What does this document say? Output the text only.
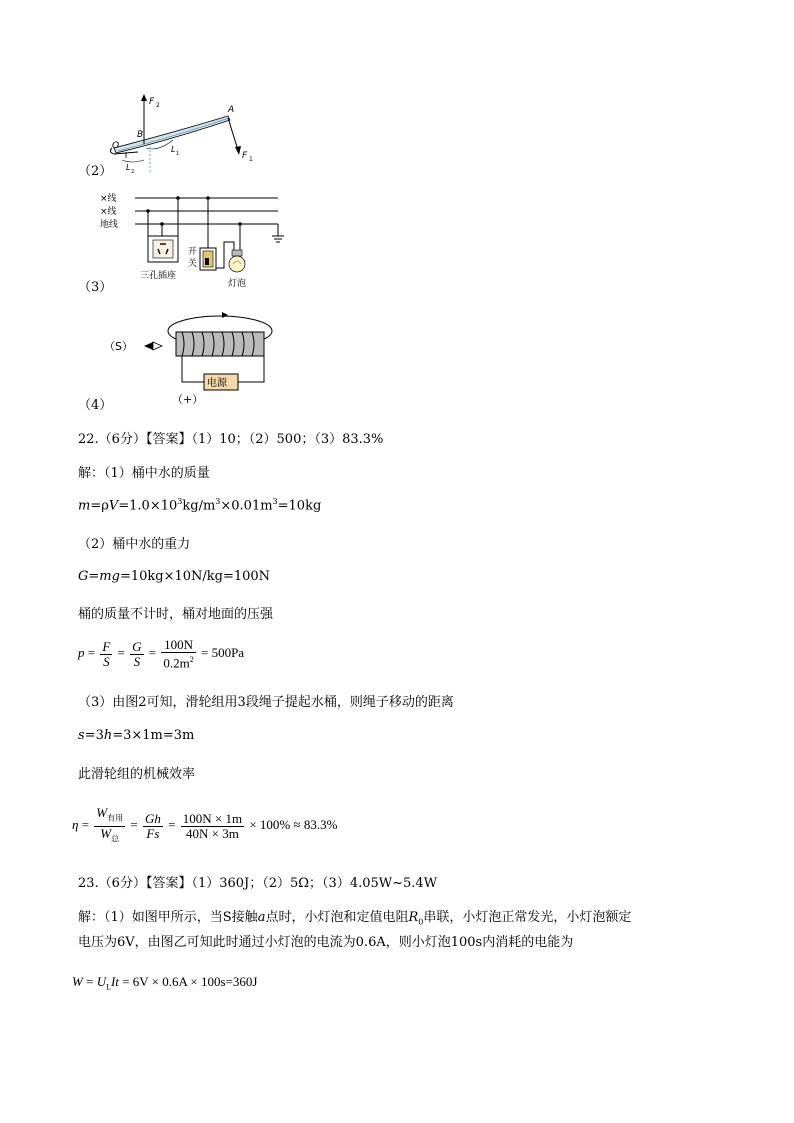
F 2	A
B
O	L 1
L 2
F 1
（2）
×线
×线
地线
三孔插座
开
关
灯泡
（3）
电源
（S）
（+）
（4）
22.（6分）【答案】（1）10；（2）500；（3）83.3%
解：（1）桶中水的质量
$m=\rho V=1.0\times 10^3kg/m^3\times 0.01m^3=10kg$
（2）桶中水的重力
G=mg=10kg×10N/kg=100N
桶的质量不计时，桶对地面的压强
$p = \frac{F}{S} = \frac{G}{S} = \frac{100N}{0.2m^2} = 500Pa$
（3）由图2可知，滑轮组用3段绳子提起水桶，则绳子移动的距离
s=3h=3×1m=3m
此滑轮组的机械效率
$\eta = \frac{W_{有用}}{W_总} = \frac{Gh}{Fs} = \frac{100N \times 1m}{40N \times 3m} \times 100\% \approx 83.3\%$
23.（6分）【答案】（1）360J；（2）5Ω；（3）4.05W~5.4W
解：（1）如图甲所示，当S接触a点时，小灯泡和定值电阻$R_0$串联，小灯泡正常发光，小灯泡额定
电压为6V，由图乙可知此时通过小灯泡的电流为0.6A，则小灯泡100s内消耗的电能为
$W = U_LIt = 6V \times 0.6A \times 100s=360J$
